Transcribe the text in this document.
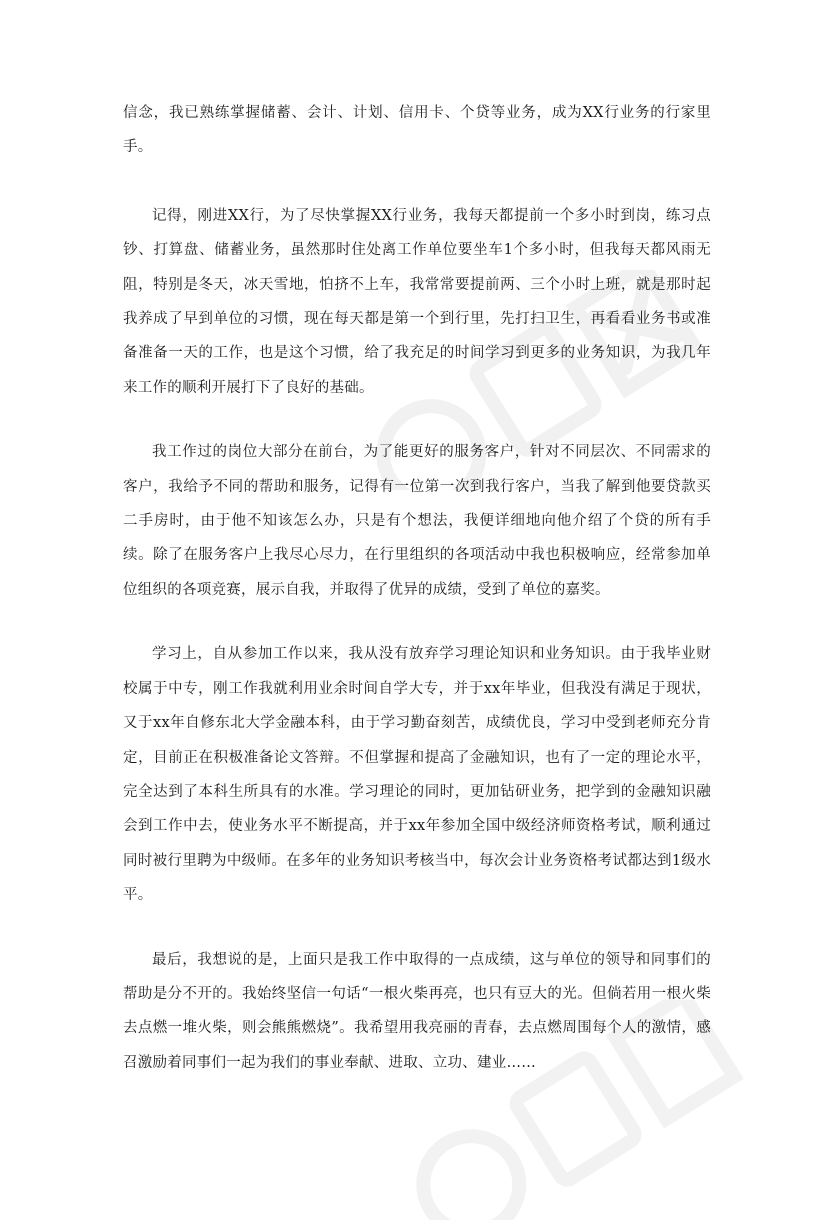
信念，我已熟练掌握储蓄、会计、计划、信用卡、个贷等业务，成为XX行业务的行家里手。

记得，刚进XX行，为了尽快掌握XX行业务，我每天都提前一个多小时到岗，练习点钞、打算盘、储蓄业务，虽然那时住处离工作单位要坐车1个多小时，但我每天都风雨无阻，特别是冬天，冰天雪地，怕挤不上车，我常常要提前两、三个小时上班，就是那时起我养成了早到单位的习惯，现在每天都是第一个到行里，先打扫卫生，再看看业务书或准备准备一天的工作，也是这个习惯，给了我充足的时间学习到更多的业务知识，为我几年来工作的顺利开展打下了良好的基础。

我工作过的岗位大部分在前台，为了能更好的服务客户，针对不同层次、不同需求的客户，我给予不同的帮助和服务，记得有一位第一次到我行客户，当我了解到他要贷款买二手房时，由于他不知该怎么办，只是有个想法，我便详细地向他介绍了个贷的所有手续。除了在服务客户上我尽心尽力，在行里组织的各项活动中我也积极响应，经常参加单位组织的各项竞赛，展示自我，并取得了优异的成绩，受到了单位的嘉奖。

学习上，自从参加工作以来，我从没有放弃学习理论知识和业务知识。由于我毕业财校属于中专，刚工作我就利用业余时间自学大专，并于xx年毕业，但我没有满足于现状，又于xx年自修东北大学金融本科，由于学习勤奋刻苦，成绩优良，学习中受到老师充分肯定，目前正在积极准备论文答辩。不但掌握和提高了金融知识，也有了一定的理论水平，完全达到了本科生所具有的水准。学习理论的同时，更加钻研业务，把学到的金融知识融会到工作中去，使业务水平不断提高，并于xx年参加全国中级经济师资格考试，顺利通过同时被行里聘为中级师。在多年的业务知识考核当中，每次会计业务资格考试都达到1级水平。

最后，我想说的是，上面只是我工作中取得的一点成绩，这与单位的领导和同事们的帮助是分不开的。我始终坚信一句话“一根火柴再亮，也只有豆大的光。但倘若用一根火柴去点燃一堆火柴，则会熊熊燃烧”。我希望用我亮丽的青春，去点燃周围每个人的激情，感召激励着同事们一起为我们的事业奉献、进取、立功、建业……
